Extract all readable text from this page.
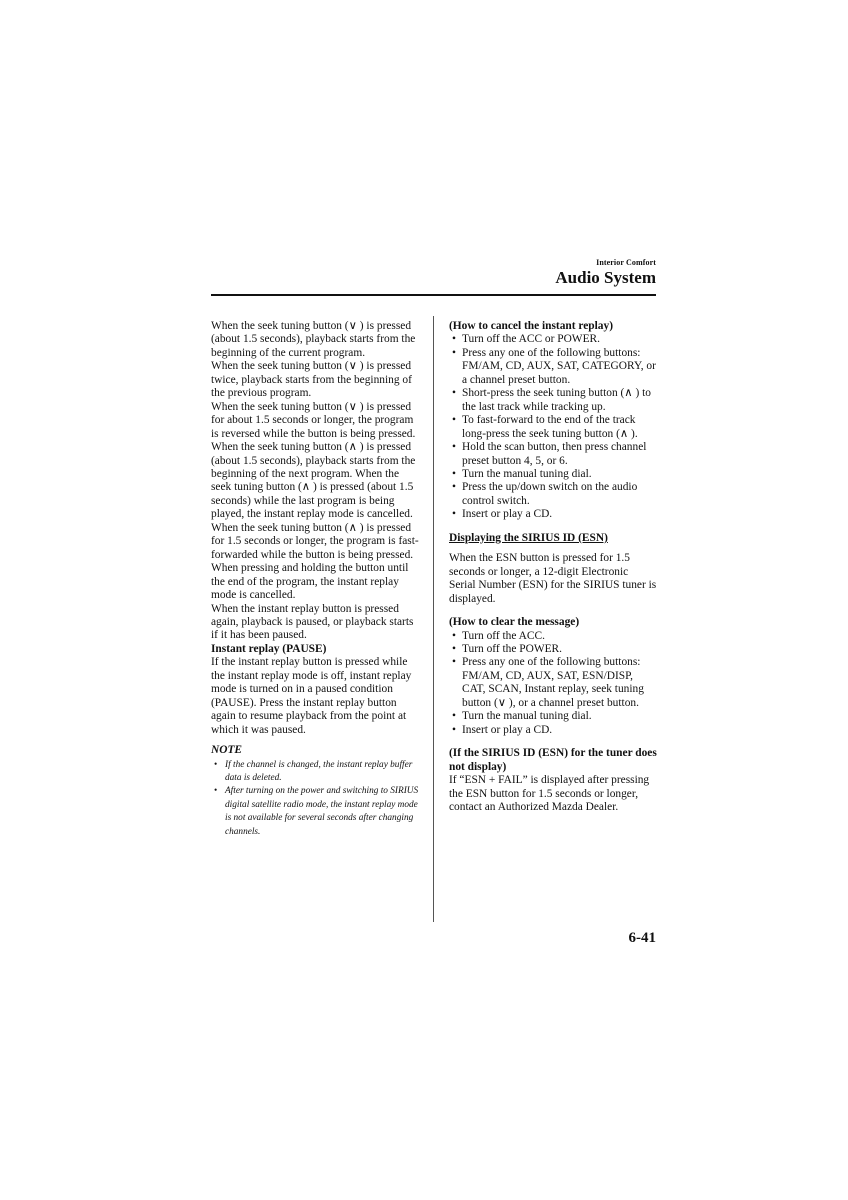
Interior Comfort
Audio System

When the seek tuning button (∨ ) is pressed (about 1.5 seconds), playback starts from the beginning of the current program.

When the seek tuning button (∨ ) is pressed twice, playback starts from the beginning of the previous program.

When the seek tuning button (∨ ) is pressed for about 1.5 seconds or longer, the program is reversed while the button is being pressed.

When the seek tuning button (∧ ) is pressed (about 1.5 seconds), playback starts from the beginning of the next program. When the seek tuning button (∧ ) is pressed (about 1.5 seconds) while the last program is being played, the instant replay mode is cancelled.

When the seek tuning button (∧ ) is pressed for 1.5 seconds or longer, the program is fast-forwarded while the button is being pressed. When pressing and holding the button until the end of the program, the instant replay mode is cancelled.

When the instant replay button is pressed again, playback is paused, or playback starts if it has been paused.

Instant replay (PAUSE)

If the instant replay button is pressed while the instant replay mode is off, instant replay mode is turned on in a paused condition (PAUSE). Press the instant replay button again to resume playback from the point at which it was paused.

NOTE

• If the channel is changed, the instant replay buffer data is deleted.
• After turning on the power and switching to SIRIUS digital satellite radio mode, the instant replay mode is not available for several seconds after changing channels.

(How to cancel the instant replay)

• Turn off the ACC or POWER.
• Press any one of the following buttons: FM/AM, CD, AUX, SAT, CATEGORY, or a channel preset button.
• Short-press the seek tuning button (∧ ) to the last track while tracking up.
• To fast-forward to the end of the track long-press the seek tuning button (∧ ).
• Hold the scan button, then press channel preset button 4, 5, or 6.
• Turn the manual tuning dial.
• Press the up/down switch on the audio control switch.
• Insert or play a CD.

Displaying the SIRIUS ID (ESN)

When the ESN button is pressed for 1.5 seconds or longer, a 12-digit Electronic Serial Number (ESN) for the SIRIUS tuner is displayed.

(How to clear the message)

• Turn off the ACC.
• Turn off the POWER.
• Press any one of the following buttons: FM/AM, CD, AUX, SAT, ESN/DISP, CAT, SCAN, Instant replay, seek tuning button (∨ ), or a channel preset button.
• Turn the manual tuning dial.
• Insert or play a CD.

(If the SIRIUS ID (ESN) for the tuner does not display)

If “ESN + FAIL” is displayed after pressing the ESN button for 1.5 seconds or longer, contact an Authorized Mazda Dealer.

6-41
